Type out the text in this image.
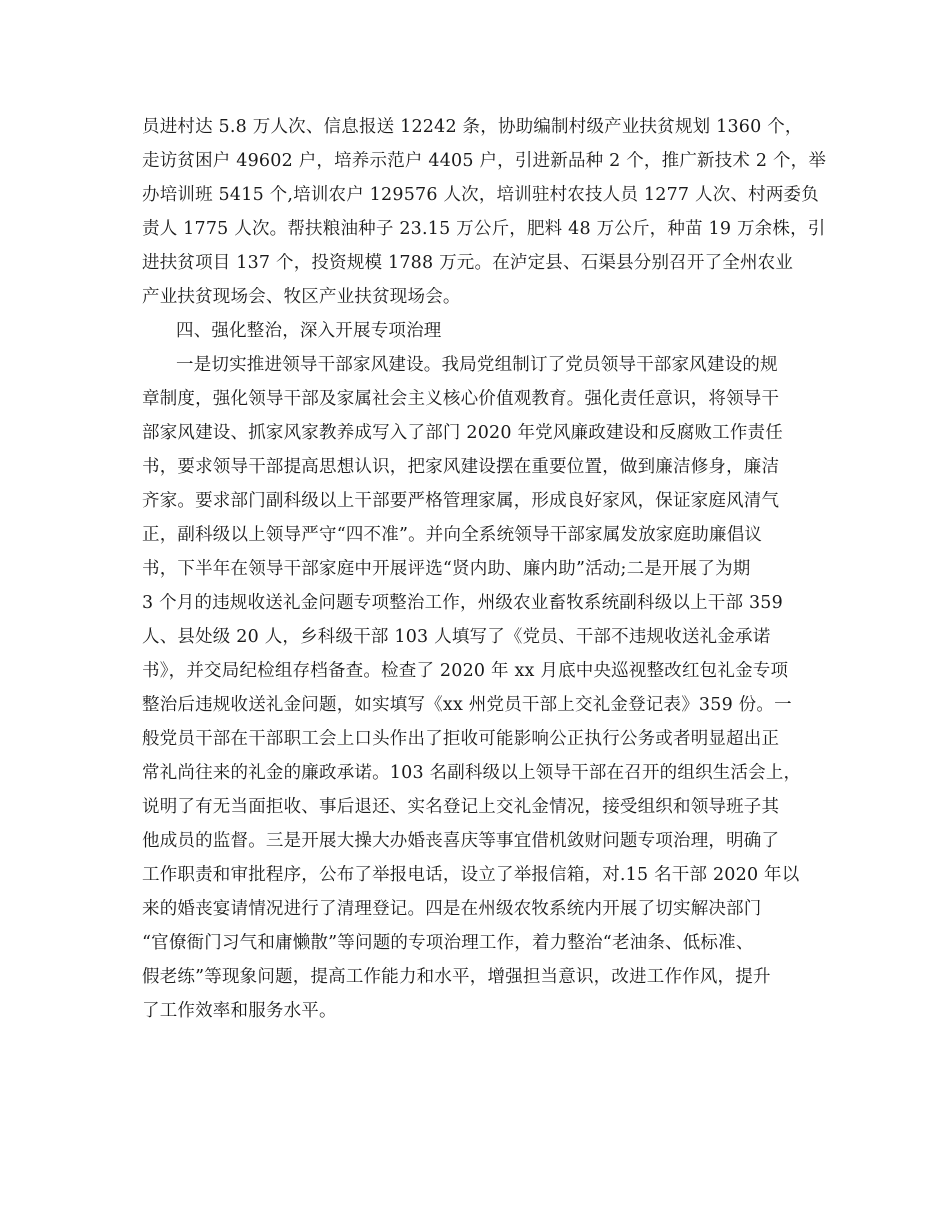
员进村达 5.8 万人次、信息报送 12242 条，协助编制村级产业扶贫规划 1360 个，

走访贫困户 49602 户，培养示范户 4405 户，引进新品种 2 个，推广新技术 2 个，举

办培训班 5415 个,培训农户 129576 人次，培训驻村农技人员 1277 人次、村两委负

责人 1775 人次。帮扶粮油种子 23.15 万公斤，肥料 48 万公斤，种苗 19 万余株，引

进扶贫项目 137 个，投资规模 1788 万元。在泸定县、石渠县分别召开了全州农业

产业扶贫现场会、牧区产业扶贫现场会。

四、强化整治，深入开展专项治理

一是切实推进领导干部家风建设。我局党组制订了党员领导干部家风建设的规

章制度，强化领导干部及家属社会主义核心价值观教育。强化责任意识，将领导干

部家风建设、抓家风家教养成写入了部门 2020 年党风廉政建设和反腐败工作责任

书，要求领导干部提高思想认识，把家风建设摆在重要位置，做到廉洁修身，廉洁

齐家。要求部门副科级以上干部要严格管理家属，形成良好家风，保证家庭风清气

正，副科级以上领导严守“四不准”。并向全系统领导干部家属发放家庭助廉倡议

书，下半年在领导干部家庭中开展评选“贤内助、廉内助”活动;二是开展了为期

3 个月的违规收送礼金问题专项整治工作，州级农业畜牧系统副科级以上干部 359

人、县处级 20 人，乡科级干部 103 人填写了《党员、干部不违规收送礼金承诺

书》，并交局纪检组存档备查。检查了 2020 年 xx 月底中央巡视整改红包礼金专项

整治后违规收送礼金问题，如实填写《xx 州党员干部上交礼金登记表》359 份。一

般党员干部在干部职工会上口头作出了拒收可能影响公正执行公务或者明显超出正

常礼尚往来的礼金的廉政承诺。103 名副科级以上领导干部在召开的组织生活会上，

说明了有无当面拒收、事后退还、实名登记上交礼金情况，接受组织和领导班子其

他成员的监督。三是开展大操大办婚丧喜庆等事宜借机敛财问题专项治理，明确了

工作职责和审批程序，公布了举报电话，设立了举报信箱，对.15 名干部 2020 年以

来的婚丧宴请情况进行了清理登记。四是在州级农牧系统内开展了切实解决部门

“官僚衙门习气和庸懒散”等问题的专项治理工作，着力整治“老油条、低标准、

假老练”等现象问题，提高工作能力和水平，增强担当意识，改进工作作风，提升

了工作效率和服务水平。
